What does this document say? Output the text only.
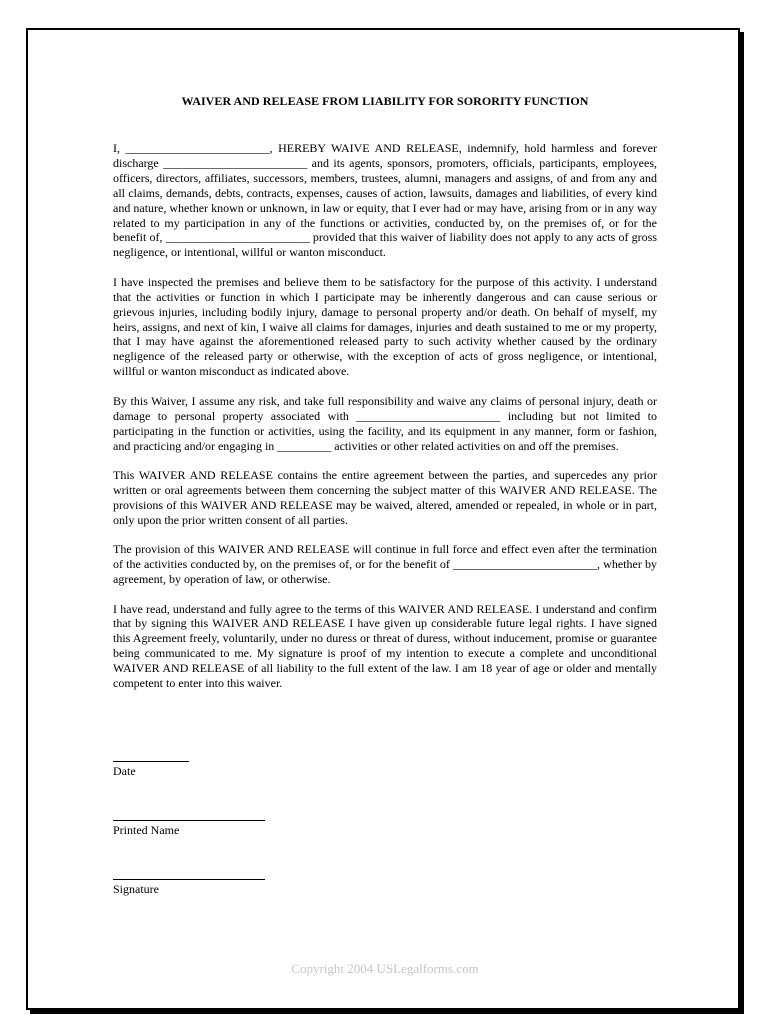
WAIVER AND RELEASE FROM LIABILITY FOR SORORITY FUNCTION

I, ________________________, HEREBY WAIVE AND RELEASE, indemnify, hold harmless and forever discharge ________________________ and its agents, sponsors, promoters, officials, participants, employees, officers, directors, affiliates, successors, members, trustees, alumni, managers and assigns, of and from any and all claims, demands, debts, contracts, expenses, causes of action, lawsuits, damages and liabilities, of every kind and nature, whether known or unknown, in law or equity, that I ever had or may have, arising from or in any way related to my participation in any of the functions or activities, conducted by, on the premises of, or for the benefit of, ________________________ provided that this waiver of liability does not apply to any acts of gross negligence, or intentional, willful or wanton misconduct.

I have inspected the premises and believe them to be satisfactory for the purpose of this activity. I understand that the activities or function in which I participate may be inherently dangerous and can cause serious or grievous injuries, including bodily injury, damage to personal property and/or death. On behalf of myself, my heirs, assigns, and next of kin, I waive all claims for damages, injuries and death sustained to me or my property, that I may have against the aforementioned released party to such activity whether caused by the ordinary negligence of the released party or otherwise, with the exception of acts of gross negligence, or intentional, willful or wanton misconduct as indicated above.

By this Waiver, I assume any risk, and take full responsibility and waive any claims of personal injury, death or damage to personal property associated with ________________________ including but not limited to participating in the function or activities, using the facility, and its equipment in any manner, form or fashion, and practicing and/or engaging in _________ activities or other related activities on and off the premises.

This WAIVER AND RELEASE contains the entire agreement between the parties, and supercedes any prior written or oral agreements between them concerning the subject matter of this WAIVER AND RELEASE. The provisions of this WAIVER AND RELEASE may be waived, altered, amended or repealed, in whole or in part, only upon the prior written consent of all parties.

The provision of this WAIVER AND RELEASE will continue in full force and effect even after the termination of the activities conducted by, on the premises of, or for the benefit of ________________________, whether by agreement, by operation of law, or otherwise.

I have read, understand and fully agree to the terms of this WAIVER AND RELEASE. I understand and confirm that by signing this WAIVER AND RELEASE I have given up considerable future legal rights. I have signed this Agreement freely, voluntarily, under no duress or threat of duress, without inducement, promise or guarantee being communicated to me. My signature is proof of my intention to execute a complete and unconditional WAIVER AND RELEASE of all liability to the full extent of the law. I am 18 year of age or older and mentally competent to enter into this waiver.

Date
Printed Name
Signature
Copyright 2004 USLegalforms.com
